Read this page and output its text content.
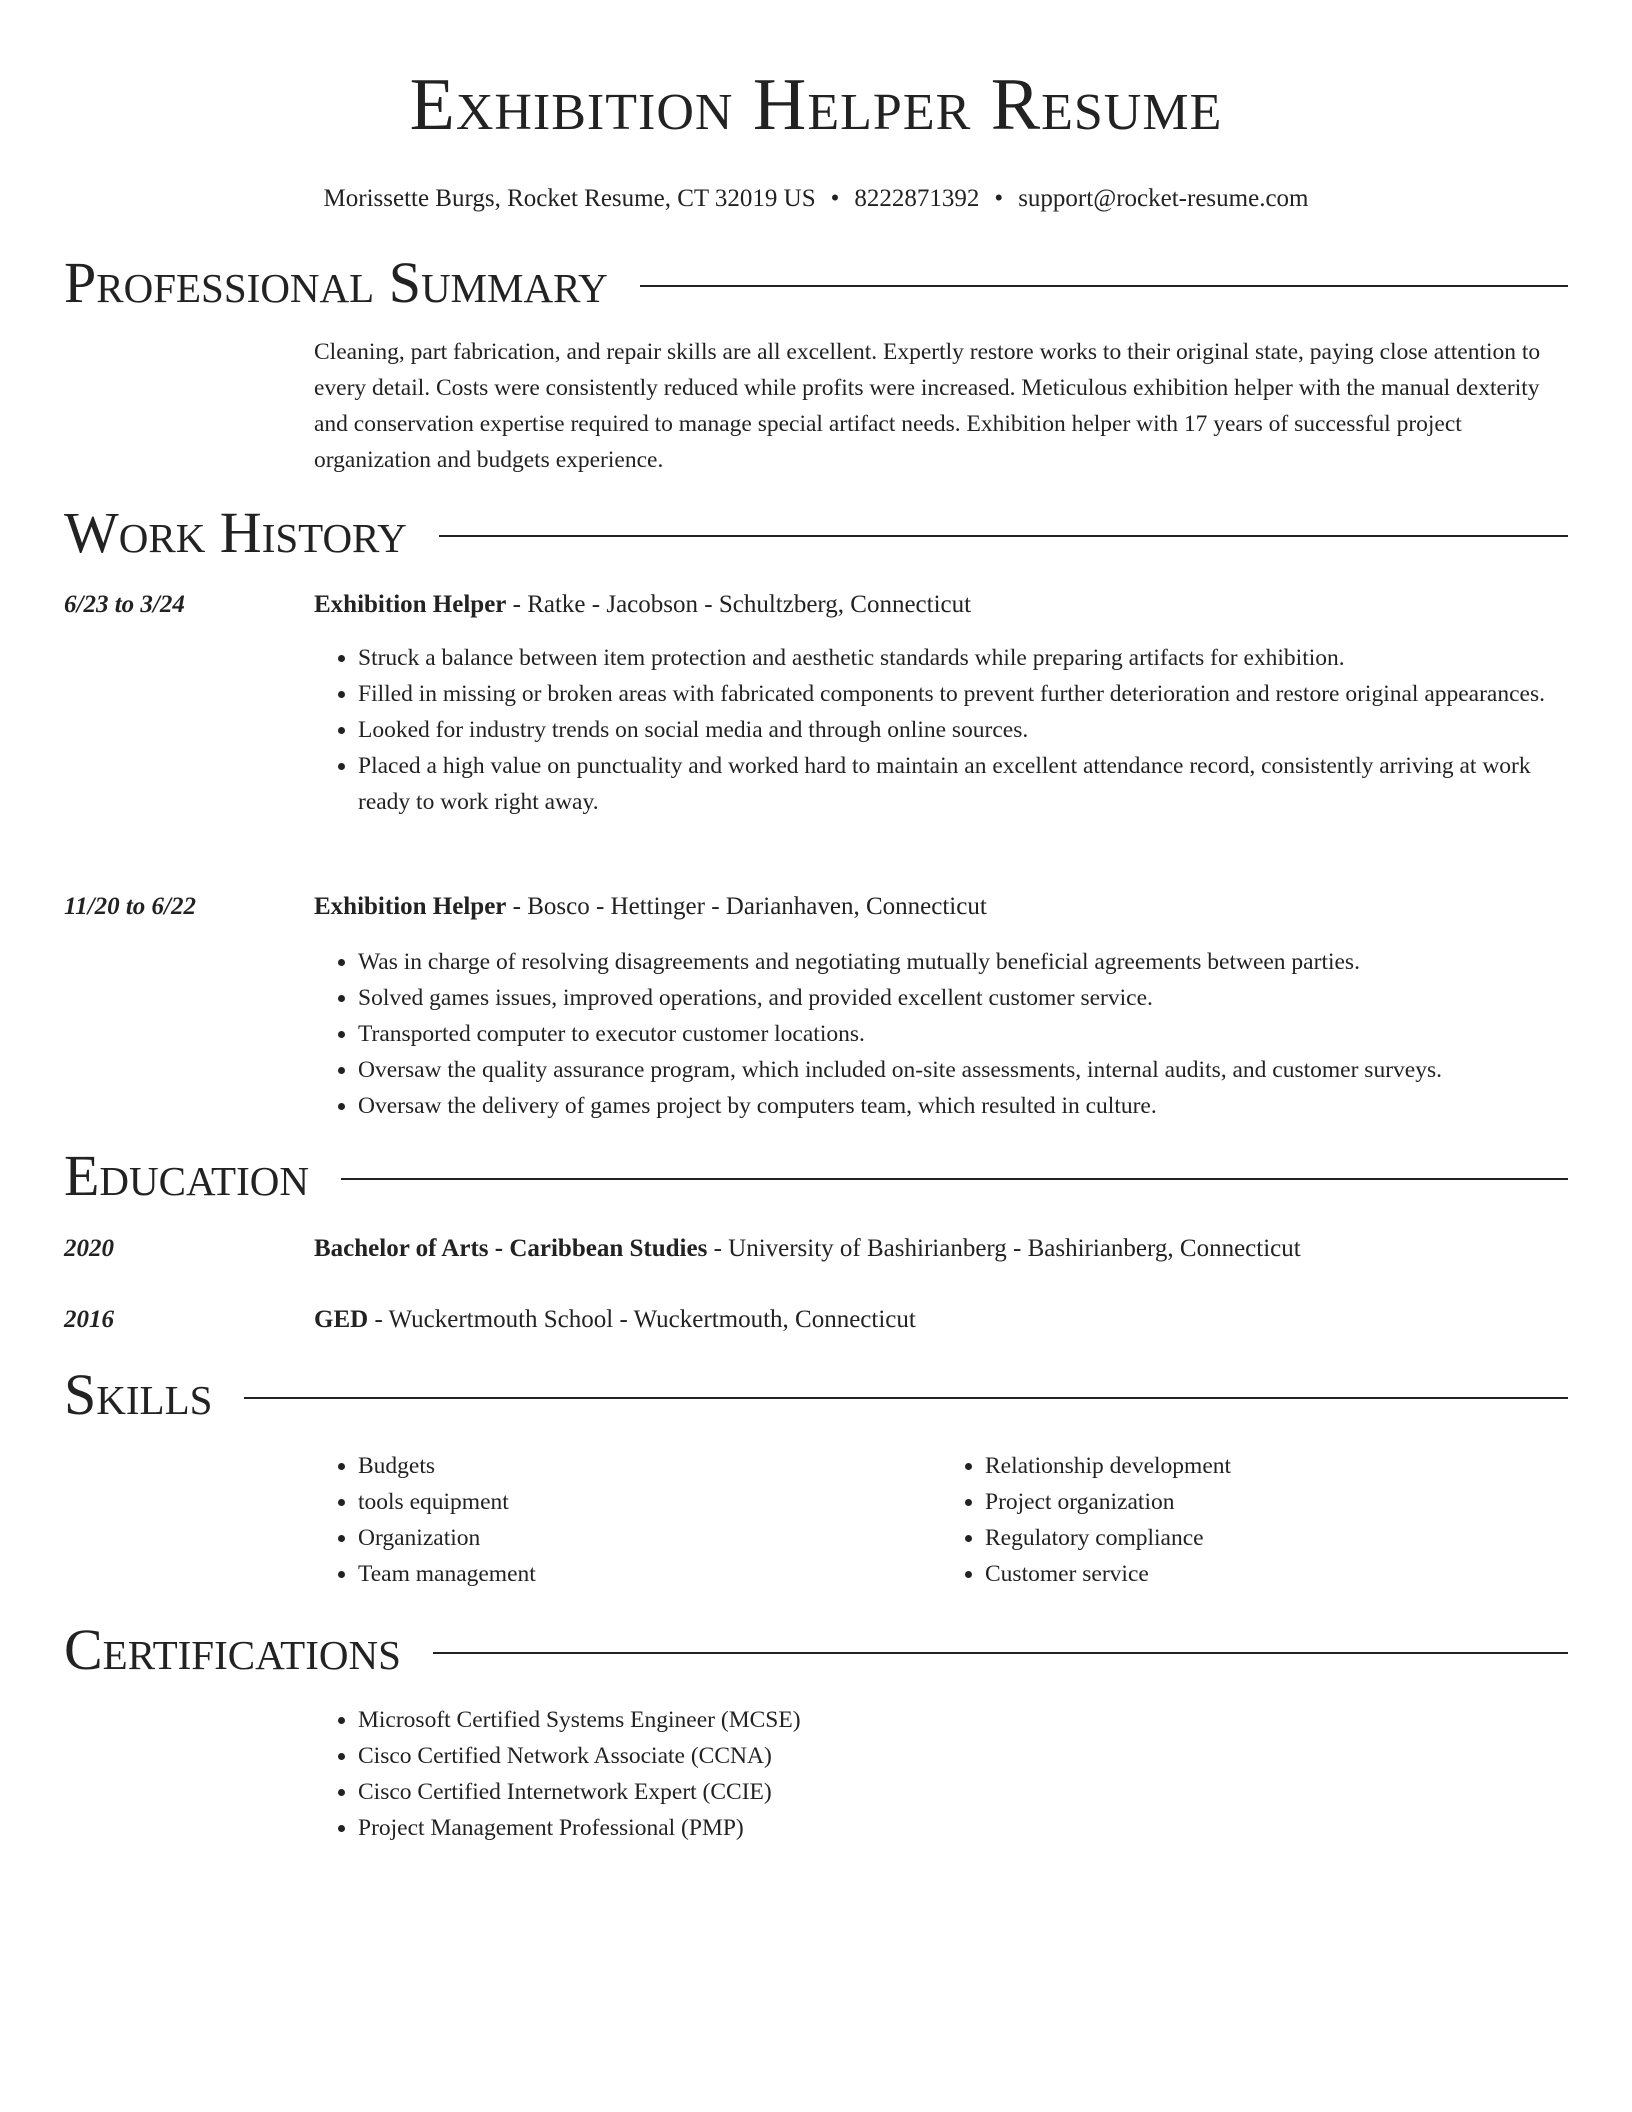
Exhibition Helper Resume
Morissette Burgs, Rocket Resume, CT 32019 US • 8222871392 • support@rocket-resume.com
Professional Summary
Cleaning, part fabrication, and repair skills are all excellent. Expertly restore works to their original state, paying close attention to every detail. Costs were consistently reduced while profits were increased. Meticulous exhibition helper with the manual dexterity and conservation expertise required to manage special artifact needs. Exhibition helper with 17 years of successful project organization and budgets experience.
Work History
6/23 to 3/24	Exhibition Helper - Ratke - Jacobson - Schultzberg, Connecticut
• Struck a balance between item protection and aesthetic standards while preparing artifacts for exhibition.
• Filled in missing or broken areas with fabricated components to prevent further deterioration and restore original appearances.
• Looked for industry trends on social media and through online sources.
• Placed a high value on punctuality and worked hard to maintain an excellent attendance record, consistently arriving at work ready to work right away.
11/20 to 6/22	Exhibition Helper - Bosco - Hettinger - Darianhaven, Connecticut
• Was in charge of resolving disagreements and negotiating mutually beneficial agreements between parties.
• Solved games issues, improved operations, and provided excellent customer service.
• Transported computer to executor customer locations.
• Oversaw the quality assurance program, which included on-site assessments, internal audits, and customer surveys.
• Oversaw the delivery of games project by computers team, which resulted in culture.
Education
2020	Bachelor of Arts - Caribbean Studies - University of Bashirianberg - Bashirianberg, Connecticut
2016	GED - Wuckertmouth School - Wuckertmouth, Connecticut
Skills
• Budgets
• tools equipment
• Organization
• Team management
• Relationship development
• Project organization
• Regulatory compliance
• Customer service
Certifications
• Microsoft Certified Systems Engineer (MCSE)
• Cisco Certified Network Associate (CCNA)
• Cisco Certified Internetwork Expert (CCIE)
• Project Management Professional (PMP)
